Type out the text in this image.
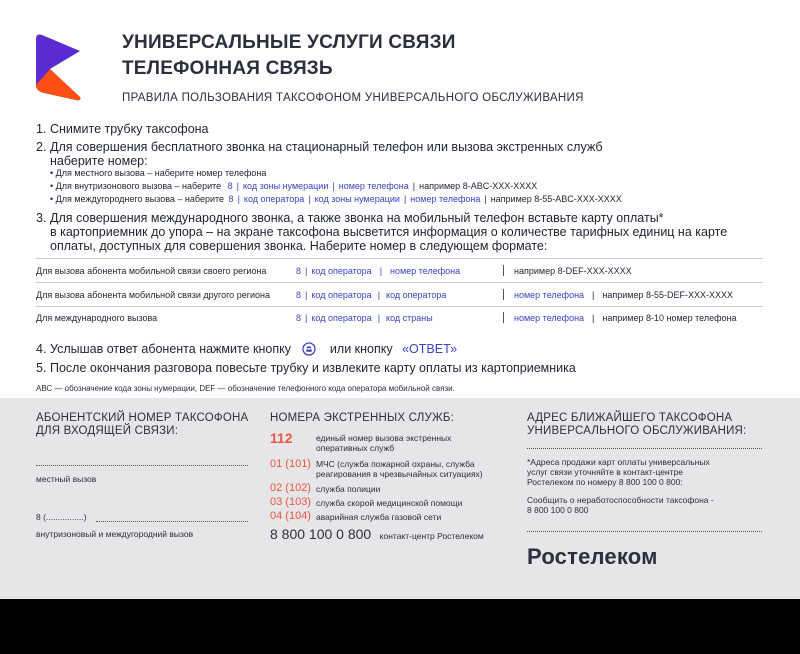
УНИВЕРСАЛЬНЫЕ УСЛУГИ СВЯЗИ
ТЕЛЕФОННАЯ СВЯЗЬ
ПРАВИЛА ПОЛЬЗОВАНИЯ ТАКСОФОНОМ УНИВЕРСАЛЬНОГО ОБСЛУЖИВАНИЯ
1. Снимите трубку таксофона
2. Для совершения бесплатного звонка на стационарный телефон или вызова экстренных служб
наберите номер:
• Для местного вызова – наберите номер телефона
• Для внутризонового вызова – наберите 8 | код зоны нумерации | номер телефона | например 8-ABC-XXX-XXXX
• Для междугороднего вызова – наберите 8 | код оператора | код зоны нумерации | номер телефона | например 8-55-ABC-XXX-XXXX
3. Для совершения международного звонка, а также звонка на мобильный телефон вставьте карту оплаты*
в картоприемник до упора – на экране таксофона высветится информация о количестве тарифных единиц на карте
оплаты, доступных для совершения звонка. Наберите номер в следующем формате:
Для вызова абонента мобильной связи своего региона	8 | код оператора | номер телефона	например 8-DEF-XXX-XXXX
Для вызова абонента мобильной связи другого региона	8 | код оператора | код оператора	номер телефона | например 8-55-DEF-XXX-XXXX
Для международного вызова	8 | код оператора | код страны	номер телефона | например 8-10 номер телефона
4. Услышав ответ абонента нажмите кнопку	или кнопку «ОТВЕТ»
5. После окончания разговора повесьте трубку и извлеките карту оплаты из картоприемника
АВС — обозначение кода зоны нумерации, DEF — обозначение телефонного кода оператора мобильной связи.
АБОНЕНТСКИЙ НОМЕР ТАКСОФОНА
ДЛЯ ВХОДЯЩЕЙ СВЯЗИ:
местный вызов
8 (................)
внутризоновый и междугородний вызов
НОМЕРА ЭКСТРЕННЫХ СЛУЖБ:
112	единый номер вызова экстренных
оперативных служб
01 (101) МЧС (служба пожарной охраны, служба
реагирования в чрезвычайных ситуациях)
02 (102) служба полиции
03 (103) служба скорой медицинской помощи
04 (104) аварийная служба газовой сети
8 800 100 0 800 контакт-центр Ростелеком
АДРЕС БЛИЖАЙШЕГО ТАКСОФОНА
УНИВЕРСАЛЬНОГО ОБСЛУЖИВАНИЯ:
*Адреса продажи карт оплаты универсальных
услуг связи уточняйте в контакт-центре
Ростелеком по номеру 8 800 100 0 800:
Сообщить о неработоспособности таксофона -
8 800 100 0 800
Ростелеком
